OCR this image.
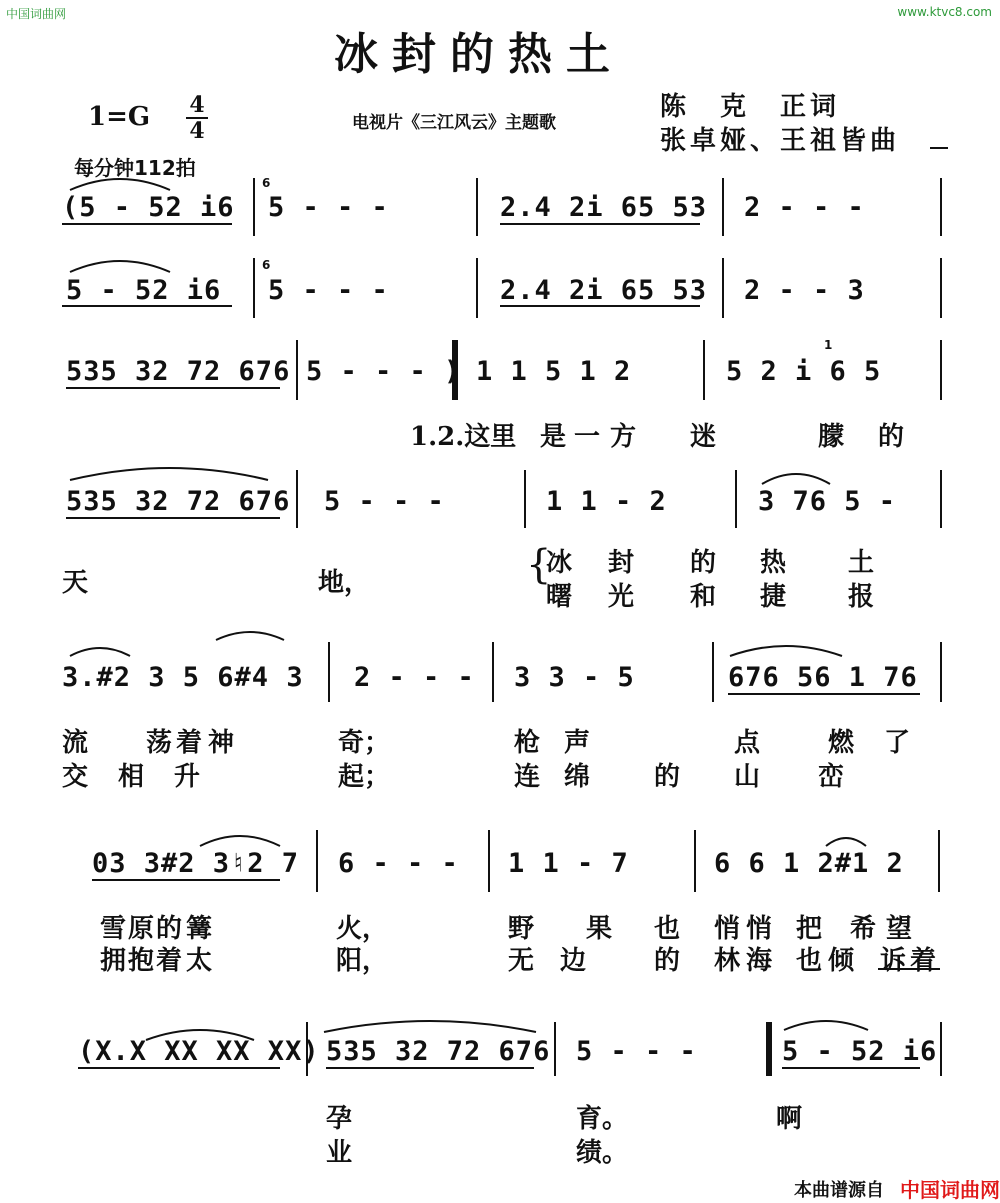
中国词曲网	www.ktvc8.com
冰封的热土
1=G 4
4	电视片《三江风云》主题歌
陈　克　正词
张卓娅、王祖皆曲
每分钟112拍
(5 - 52 i6
6
5 - - -	2.4 2i 65 53 2 - - -
5 - 52 i6
6
5 - - -	2.4 2i 65 53 2 - - 3
535 32 72 676 5 - - - ) 1 1 5 1 2
1
5 2 i 6 5
1.2.这里 是 一 方 迷	朦 的
535 32 72 676 5 - - -	1 1 - 2	3 76 5 -
天	地，	{
冰 封 的 热 土
曙 光 和 捷 报
3.#2 3 5 6#4 3 2 - - - 3 3 - 5	676 56 1 76
流 荡 着 神	奇；	枪 声	点	燃 了
交 相 升	起；	连 绵 的 山 峦
03 3#2 3♮2 7 6 - - - 1 1 - 7	6 6 1 2#1 2
雪 原 的 篝	火，	野 果 也 悄 悄 把 希 望
拥 抱 着 太	阳，	无 边	的 林 海 也 倾 诉 着
(X.X XX XX XX) 535 32 72 676 5 - - -	5 - 52 i6
孕	育。	啊
业	绩。
本曲谱源自 中国词曲网
